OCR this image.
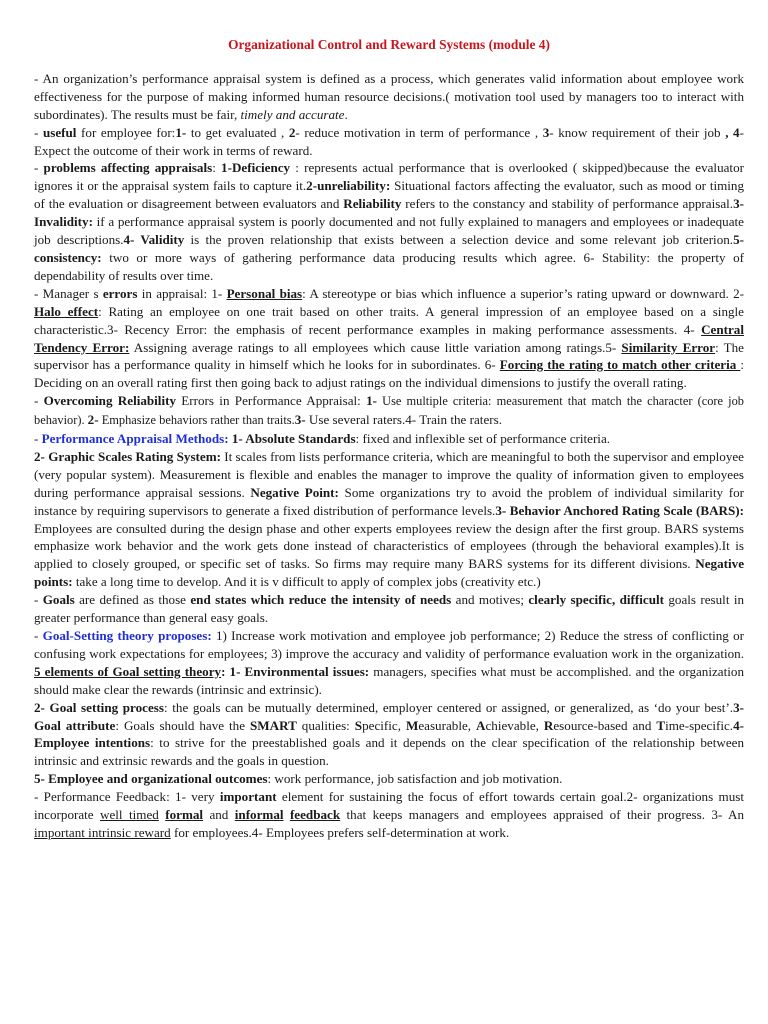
Organizational Control and Reward Systems (module 4)

- An organization’s performance appraisal system is defined as a process, which generates valid information about employee work effectiveness for the purpose of making informed human resource decisions.( motivation tool used by managers too to interact with subordinates). The results must be fair, timely and accurate.

- useful for employee for:1- to get evaluated , 2- reduce motivation in term of performance , 3- know requirement of their job , 4- Expect the outcome of their work in terms of reward.

- problems affecting appraisals: 1-Deficiency : represents actual performance that is overlooked ( skipped)because the evaluator ignores it or the appraisal system fails to capture it.2-unreliability: Situational factors affecting the evaluator, such as mood or timing of the evaluation or disagreement between evaluators and Reliability refers to the constancy and stability of performance appraisal.3- Invalidity: if a performance appraisal system is poorly documented and not fully explained to managers and employees or inadequate job descriptions.4- Validity is the proven relationship that exists between a selection device and some relevant job criterion.5- consistency: two or more ways of gathering performance data producing results which agree. 6- Stability: the property of dependability of results over time.

- Manager s errors in appraisal: 1- Personal bias: A stereotype or bias which influence a superior’s rating upward or downward. 2- Halo effect: Rating an employee on one trait based on other traits. A general impression of an employee based on a single characteristic.3- Recency Error: the emphasis of recent performance examples in making performance assessments. 4- Central Tendency Error: Assigning average ratings to all employees which cause little variation among ratings.5- Similarity Error: The supervisor has a performance quality in himself which he looks for in subordinates. 6- Forcing the rating to match other criteria : Deciding on an overall rating first then going back to adjust ratings on the individual dimensions to justify the overall rating.

- Overcoming Reliability Errors in Performance Appraisal: 1- Use multiple criteria: measurement that match the character (core job behavior). 2- Emphasize behaviors rather than traits.3- Use several raters.4- Train the raters.

- Performance Appraisal Methods: 1- Absolute Standards: fixed and inflexible set of performance criteria.

2- Graphic Scales Rating System: It scales from lists performance criteria, which are meaningful to both the supervisor and employee (very popular system). Measurement is flexible and enables the manager to improve the quality of information given to employees during performance appraisal sessions. Negative Point: Some organizations try to avoid the problem of individual similarity for instance by requiring supervisors to generate a fixed distribution of performance levels.3- Behavior Anchored Rating Scale (BARS): Employees are consulted during the design phase and other experts employees review the design after the first group. BARS systems emphasize work behavior and the work gets done instead of characteristics of employees (through the behavioral examples).It is applied to closely grouped, or specific set of tasks. So firms may require many BARS systems for its different divisions. Negative points: take a long time to develop. And it is v difficult to apply of complex jobs (creativity etc.)

- Goals are defined as those end states which reduce the intensity of needs and motives; clearly specific, difficult goals result in greater performance than general easy goals.

- Goal-Setting theory proposes: 1) Increase work motivation and employee job performance; 2) Reduce the stress of conflicting or confusing work expectations for employees; 3) improve the accuracy and validity of performance evaluation work in the organization. 5 elements of Goal setting theory: 1- Environmental issues: managers, specifies what must be accomplished. and the organization should make clear the rewards (intrinsic and extrinsic).

2- Goal setting process: the goals can be mutually determined, employer centered or assigned, or generalized, as ‘do your best’.3- Goal attribute: Goals should have the SMART qualities: Specific, Measurable, Achievable, Resource-based and Time-specific.4- Employee intentions: to strive for the preestablished goals and it depends on the clear specification of the relationship between intrinsic and extrinsic rewards and the goals in question.

5- Employee and organizational outcomes: work performance, job satisfaction and job motivation.

- Performance Feedback: 1- very important element for sustaining the focus of effort towards certain goal.2- organizations must incorporate well timed formal and informal feedback that keeps managers and employees appraised of their progress. 3- An important intrinsic reward for employees.4- Employees prefers self-determination at work.
